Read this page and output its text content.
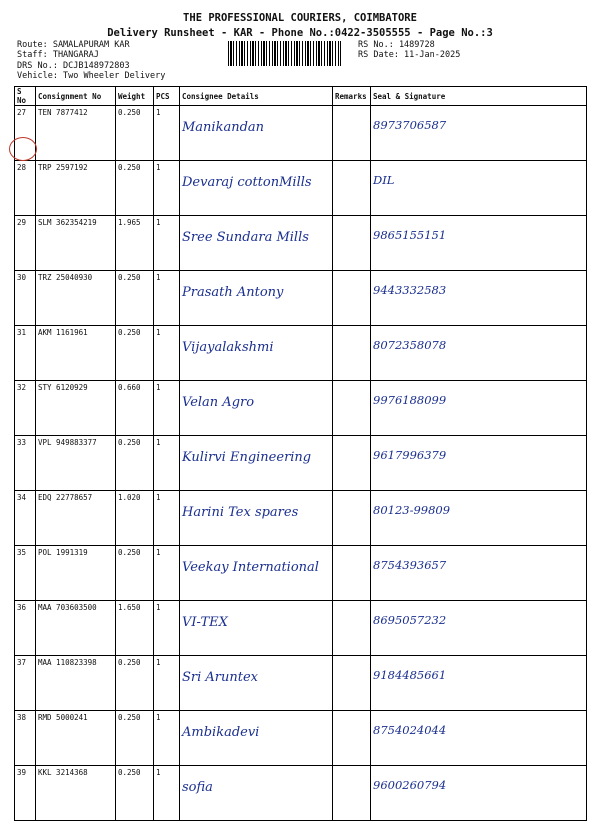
THE PROFESSIONAL COURIERS, COIMBATORE
Delivery Runsheet - KAR - Phone No.:0422-3505555 - Page No.:3
Route: SAMALAPURAM KAR
Staff: THANGARAJ
DRS No.: DCJB148972803
Vehicle: Two Wheeler Delivery
RS No.: 1489728
RS Date: 11-Jan-2025
S No	Consignment No	Weight	PCS	Consignee Details	Remarks	Seal & Signature
27	TEN 7877412	0.250	1	Manikandan		8973706587
28	TRP 2597192	0.250	1	Devaraj cottonMills		DIL
29	SLM 362354219	1.965	1	Sree Sundara Mills		9865155151
30	TRZ 25040930	0.250	1	Prasath Antony		9443332583
31	AKM 1161961	0.250	1	Vijayalakshmi		8072358078
32	STY 6120929	0.660	1	Velan Agro		9976188099
33	VPL 949883377	0.250	1	Kulirvi Engineering		9617996379
34	EDQ 22778657	1.020	1	Harini Tex spares		80123-99809
35	POL 1991319	0.250	1	Veekay International		8754393657
36	MAA 703603500	1.650	1	VI-TEX		8695057232
37	MAA 110823398	0.250	1	Sri Aruntex		9184485661
38	RMD 5000241	0.250	1	Ambikadevi		8754024044
39	KKL 3214368	0.250	1	sofia		9600260794
